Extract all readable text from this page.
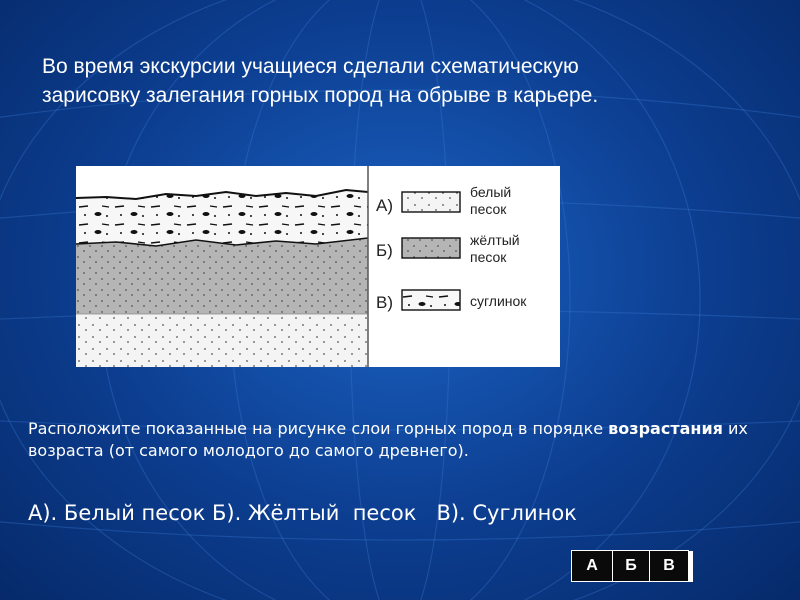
Во время экскурсии учащиеся сделали схематическую
зарисовку залегания горных пород на обрыве в карьере.
А)
белый
песок
Б)
жёлтый
песок
В)	суглинок
Расположите показанные на рисунке слои горных пород в порядке возрастания их возраста (от самого молодого до самого древнего).
А). Белый песок Б). Жёлтый  песок   В). Суглинок
А	Б	В	
